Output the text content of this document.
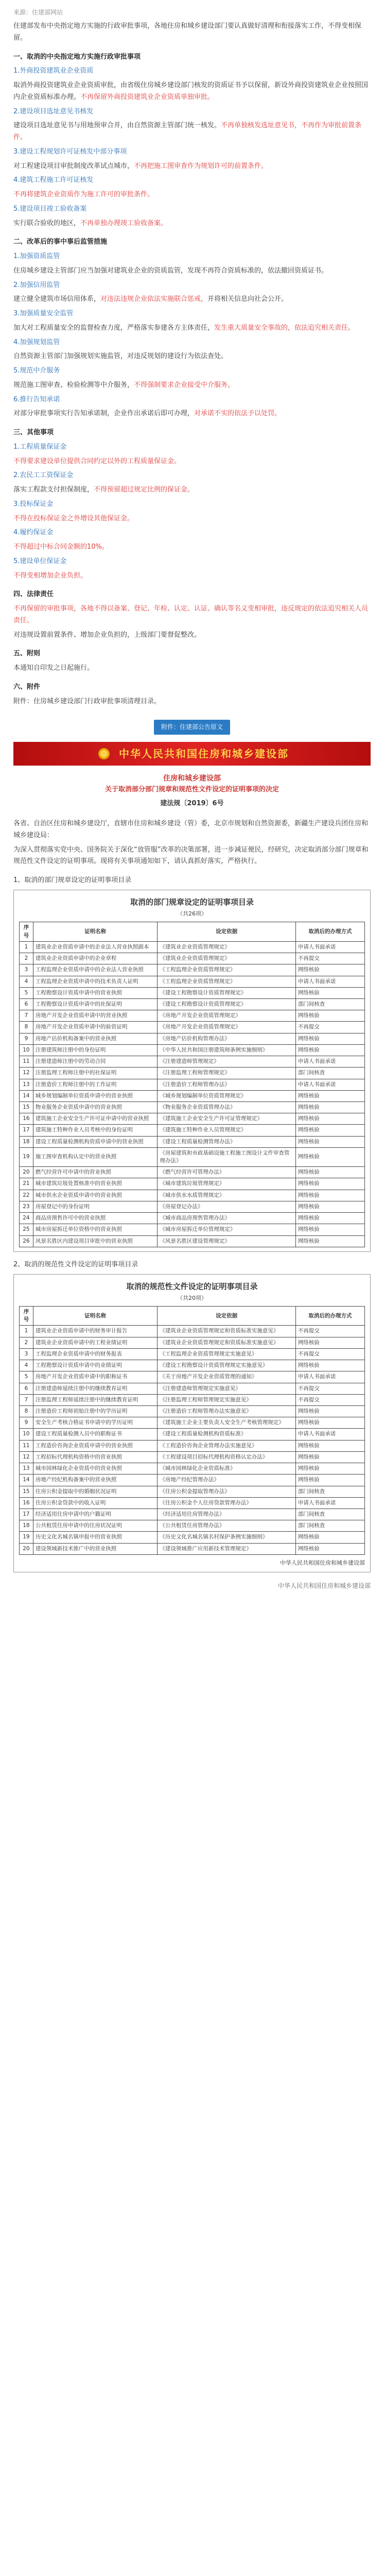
来源：住建部网站

住建部发布中央指定地方实施的行政审批事项，各地住房和城乡建设部门要认真做好清理和衔接落实工作，不得变相保留。

一、取消的中央指定地方实施行政审批事项
1.外商投资建筑业企业资质

取消外商投资建筑业企业资质审批，由省级住房城乡建设部门核发的资质证书予以保留，新设外商投资建筑业企业按照国内企业资质标准办理。不再保留外商投资建筑业企业资质单独审批。

2.建设项目选址意见书核发

建设项目选址意见书与用地预审合并，由自然资源主管部门统一核发。不再单独核发选址意见书，不再作为审批前置条件。

3.建设工程规划许可证核发中部分事项

对工程建设项目审批制度改革试点城市，不再把施工图审查作为规划许可的前置条件。

4.建筑工程施工许可证核发

不再将建筑企业资质作为施工许可的审批条件。

5.建设项目竣工验收备案

实行联合验收的地区，不再单独办理竣工验收备案。

二、改革后的事中事后监管措施
1.加强资质监管

住房城乡建设主管部门应当加强对建筑业企业的资质监管，发现不再符合资质标准的，依法撤回资质证书。

2.加强信用监管

建立健全建筑市场信用体系，对违法违规企业依法实施联合惩戒，并将相关信息向社会公开。

3.加强质量安全监管

加大对工程质量安全的监督检查力度，严格落实参建各方主体责任，发生重大质量安全事故的，依法追究相关责任。

4.加强规划监管

自然资源主管部门加强规划实施监管，对违反规划的建设行为依法查处。

5.规范中介服务

规范施工图审查、检验检测等中介服务，不得强制要求企业接受中介服务。

6.推行告知承诺

对部分审批事项实行告知承诺制，企业作出承诺后即可办理，对承诺不实的依法予以处罚。

三、其他事项
1.工程质量保证金

不得要求建设单位提供合同约定以外的工程质量保证金。

2.农民工工资保证金

落实工程款支付担保制度，不得预留超过规定比例的保证金。

3.投标保证金

不得在投标保证金之外增设其他保证金。

4.履约保证金

不得超过中标合同金额的10%。

5.建设单位保证金

不得变相增加企业负担。

四、法律责任

不再保留的审批事项，各地不得以备案、登记、年检、认定、认证、确认等名义变相审批，违反规定的依法追究相关人员责任。

对违规设置前置条件、增加企业负担的，上级部门要督促整改。

五、附则

本通知自印发之日起施行。

六、附件

附件：住房城乡建设部门行政审批事项清理目录。

附件：住建部公告原文
中华人民共和国住房和城乡建设部
住房和城乡建设部
关于取消部分部门规章和规范性文件设定的证明事项的决定
建法规〔2019〕6号

各省、自治区住房和城乡建设厅，直辖市住房和城乡建设（管）委，北京市规划和自然资源委，新疆生产建设兵团住房和城乡建设局：

为深入贯彻落实党中央、国务院关于深化“放管服”改革的决策部署，进一步减证便民，经研究，决定取消部分部门规章和规范性文件设定的证明事项。现将有关事项通知如下，请认真抓好落实，严格执行。

1、取消的部门规章设定的证明事项目录

取消的部门规章设定的证明事项目录
（共26项）
序号	证明名称	设定依据	取消后的办理方式
1	建筑业企业资质申请中的企业法人营业执照副本	《建筑业企业资质管理规定》	申请人书面承诺
2	建筑业企业资质申请中的企业章程	《建筑业企业资质管理规定》	不再提交
3	工程监理企业资质申请中的企业法人营业执照	《工程监理企业资质管理规定》	网络核验
4	工程监理企业资质申请中的技术负责人证明	《工程监理企业资质管理规定》	申请人书面承诺
5	工程勘察设计资质申请中的营业执照	《建设工程勘察设计资质管理规定》	网络核验
6	工程勘察设计资质申请中的社保证明	《建设工程勘察设计资质管理规定》	部门间核查
7	房地产开发企业资质申请中的营业执照	《房地产开发企业资质管理规定》	网络核验
8	房地产开发企业资质申请中的验资证明	《房地产开发企业资质管理规定》	不再提交
9	房地产估价机构备案中的营业执照	《房地产估价机构管理办法》	网络核验
10	注册建筑师注册中的身份证明	《中华人民共和国注册建筑师条例实施细则》	网络核验
11	注册建造师注册中的劳动合同	《注册建造师管理规定》	申请人书面承诺
12	注册监理工程师注册中的社保证明	《注册监理工程师管理规定》	部门间核查
13	注册造价工程师注册中的工作证明	《注册造价工程师管理办法》	申请人书面承诺
14	城乡规划编制单位资质申请中的营业执照	《城乡规划编制单位资质管理规定》	网络核验
15	物业服务企业资质申请中的营业执照	《物业服务企业资质管理办法》	网络核验
16	建筑施工企业安全生产许可证申请中的营业执照	《建筑施工企业安全生产许可证管理规定》	网络核验
17	建筑施工特种作业人员考核中的身份证明	《建筑施工特种作业人员管理规定》	网络核验
18	建设工程质量检测机构资质申请中的营业执照	《建设工程质量检测管理办法》	网络核验
19	施工图审查机构认定中的营业执照	《房屋建筑和市政基础设施工程施工图设计文件审查管理办法》	网络核验
20	燃气经营许可申请中的营业执照	《燃气经营许可管理办法》	网络核验
21	城市建筑垃圾处置核准中的营业执照	《城市建筑垃圾管理规定》	网络核验
22	城市供水企业资质申请中的营业执照	《城市供水水质管理规定》	网络核验
23	房屋登记中的身份证明	《房屋登记办法》	网络核验
24	商品房预售许可中的营业执照	《城市商品房预售管理办法》	网络核验
25	城市房屋拆迁单位资格中的营业执照	《城市房屋拆迁单位管理规定》	网络核验
26	风景名胜区内建设项目审批中的营业执照	《风景名胜区建设管理规定》	网络核验

2、取消的规范性文件设定的证明事项目录

取消的规范性文件设定的证明事项目录
（共20项）
序号	证明名称	设定依据	取消后的办理方式
1	建筑业企业资质申请中的财务审计报告	《建筑业企业资质管理规定和资质标准实施意见》	不再提交
2	建筑业企业资质申请中的工程业绩证明	《建筑业企业资质管理规定和资质标准实施意见》	网络核验
3	工程监理企业资质申请中的财务报表	《工程监理企业资质管理规定实施意见》	不再提交
4	工程勘察设计资质申请中的业绩证明	《建设工程勘察设计资质管理规定实施意见》	网络核验
5	房地产开发企业资质申请中的职称证书	《关于房地产开发企业资质管理的通知》	申请人书面承诺
6	注册建造师延续注册中的继续教育证明	《注册建造师管理规定实施意见》	不再提交
7	注册监理工程师延续注册中的继续教育证明	《注册监理工程师管理规定实施意见》	不再提交
8	注册造价工程师初始注册中的学历证明	《注册造价工程师管理办法实施意见》	网络核验
9	安全生产考核合格证书申请中的学历证明	《建筑施工企业主要负责人安全生产考核管理规定》	网络核验
10	建设工程质量检测人员中的职称证书	《建设工程质量检测机构资质标准》	申请人书面承诺
11	工程造价咨询企业资质申请中的营业执照	《工程造价咨询企业管理办法实施意见》	网络核验
12	工程招标代理机构资格中的营业执照	《工程建设项目招标代理机构资格认定办法》	网络核验
13	城市园林绿化企业资质中的营业执照	《城市园林绿化企业资质标准》	网络核验
14	房地产经纪机构备案中的营业执照	《房地产经纪管理办法》	网络核验
15	住房公积金提取中的婚姻状况证明	《住房公积金提取管理办法》	部门间核查
16	住房公积金贷款中的收入证明	《住房公积金个人住房贷款管理办法》	申请人书面承诺
17	经济适用住房申请中的户籍证明	《经济适用住房管理办法》	部门间核查
18	公共租赁住房申请中的住房状况证明	《公共租赁住房管理办法》	部门间核查
19	历史文化名城名镇申报中的营业执照	《历史文化名城名镇名村保护条例实施细则》	网络核验
20	建设领域新技术推广中的营业执照	《建设领域推广应用新技术管理规定》	网络核验
中华人民共和国住房和城乡建设部
中华人民共和国住房和城乡建设部
